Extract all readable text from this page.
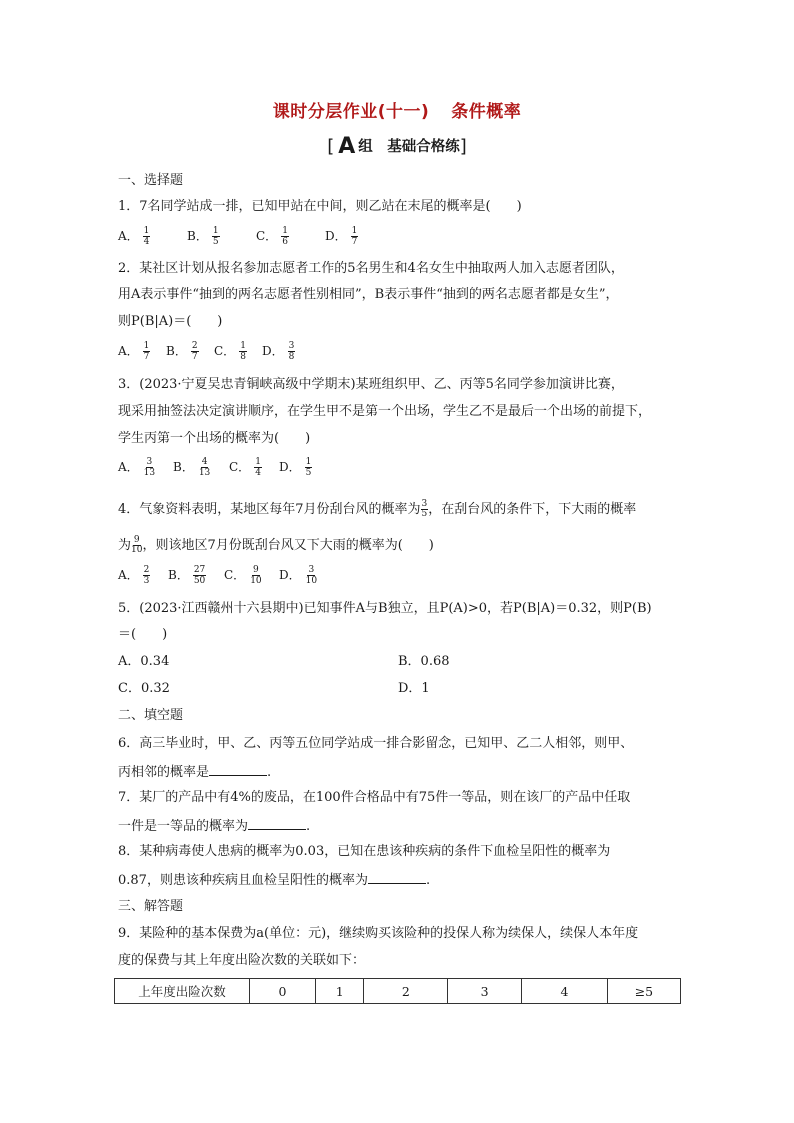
课时分层作业(十一) 条件概率
[ A 组　基础合格练]
一、选择题
1．7名同学站成一排，已知甲站在中间，则乙站在末尾的概率是(　　)
A． $\frac{1}{4}$	B． $\frac{1}{5}$	C． $\frac{1}{6}$	D． $\frac{1}{7}$
2．某社区计划从报名参加志愿者工作的5名男生和4名女生中抽取两人加入志愿者团队，
用A表示事件“抽到的两名志愿者性别相同”，B表示事件“抽到的两名志愿者都是女生”，
则P(B|A)＝(　　)
A． $\frac{1}{7}$ B． $\frac{2}{7}$ C． $\frac{1}{8}$ D． $\frac{3}{8}$
3．(2023·宁夏吴忠青铜峡高级中学期末)某班组织甲、乙、丙等5名同学参加演讲比赛，
现采用抽签法决定演讲顺序，在学生甲不是第一个出场，学生乙不是最后一个出场的前提下，
学生丙第一个出场的概率为(　　)
A． $\frac{3}{13}$ B． $\frac{4}{13}$ C． $\frac{1}{4}$ D． $\frac{1}{5}$
4．气象资料表明，某地区每年7月份刮台风的概率为 $\frac{3}{5}$ ，在刮台风的条件下，下大雨的概率
为 $\frac{9}{10}$ ，则该地区7月份既刮台风又下大雨的概率为(　　)
A． $\frac{2}{3}$ B． $\frac{27}{50}$ C． $\frac{9}{10}$ D． $\frac{3}{10}$
5．(2023·江西赣州十六县期中)已知事件A与B独立，且P(A)>0，若P(B|A)＝0.32，则P(B)
＝(　　)
A．0.34	B．0.68
C．0.32	D．1
二、填空题
6．高三毕业时，甲、乙、丙等五位同学站成一排合影留念，已知甲、乙二人相邻，则甲、
丙相邻的概率是	.
7．某厂的产品中有4%的废品，在100件合格品中有75件一等品，则在该厂的产品中任取
一件是一等品的概率为	.
8．某种病毒使人患病的概率为0.03，已知在患该种疾病的条件下血检呈阳性的概率为
0.87，则患该种疾病且血检呈阳性的概率为	.
三、解答题
9．某险种的基本保费为a(单位：元)，继续购买该险种的投保人称为续保人，续保人本年度
度的保费与其上年度出险次数的关联如下：
上年度出险次数	0	1	2	3	4	≥5
